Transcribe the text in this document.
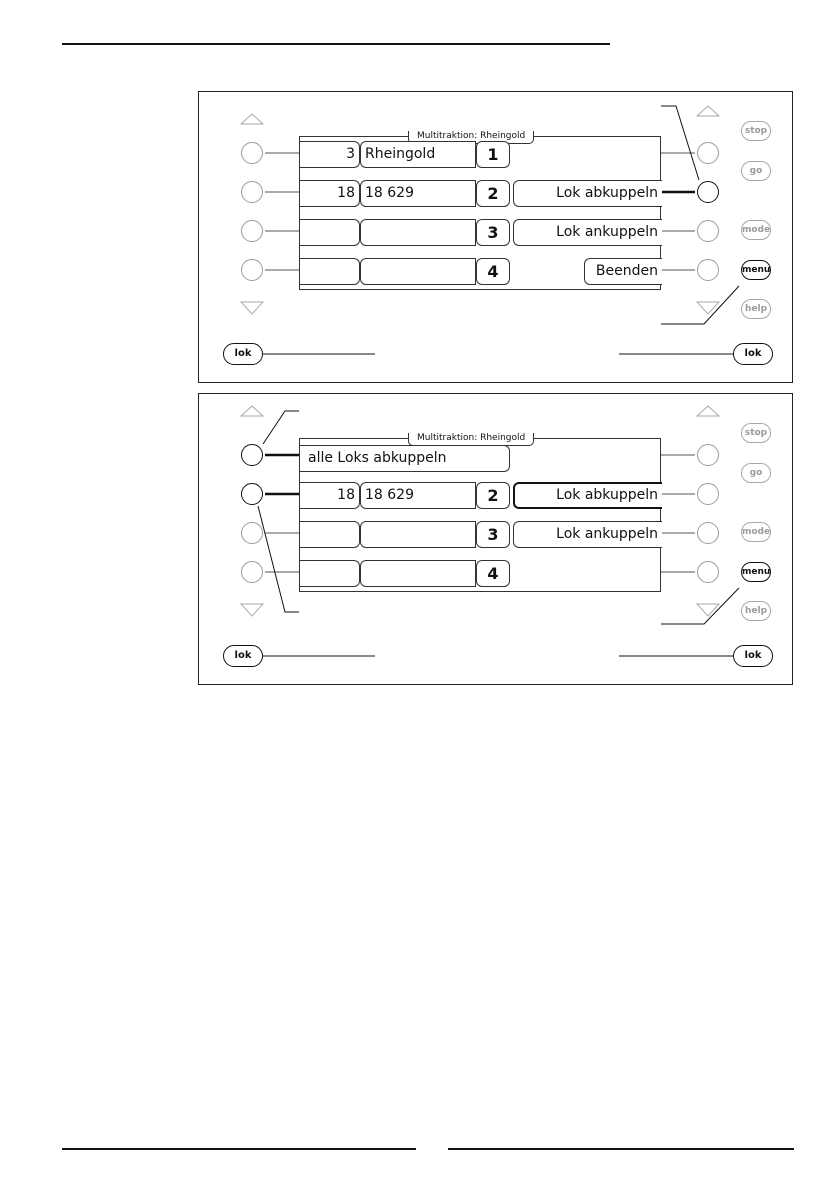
stop
go
mode
menu
help
lok	lok
Multitraktion: Rheingold
3 Rheingold	1
18 18 629	2	Lok abkuppeln
3	Lok ankuppeln
4	Beenden
stop
go
mode
menu
help
lok	lok
Multitraktion: Rheingold
alle Loks abkuppeln
18 18 629	2	Lok abkuppeln
3	Lok ankuppeln
4
